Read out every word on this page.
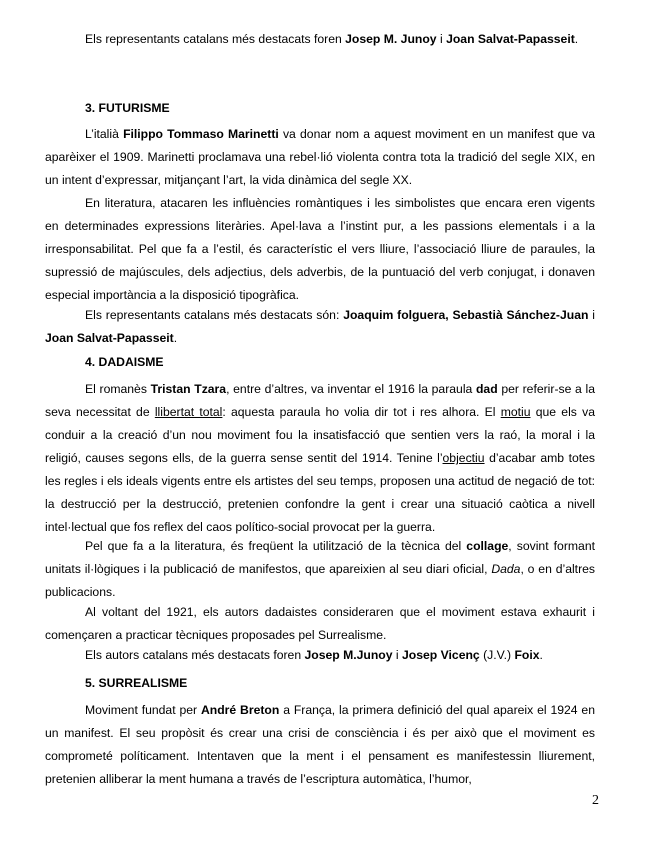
Els representants catalans més destacats foren Josep M. Junoy i Joan Salvat-Papasseit.

3. FUTURISME

L’italià Filippo Tommaso Marinetti va donar nom a aquest moviment en un manifest que va aparèixer el 1909. Marinetti proclamava una rebel·lió violenta contra tota la tradició del segle XIX, en un intent d’expressar, mitjançant l’art, la vida dinàmica del segle XX.

En literatura, atacaren les influències romàntiques i les simbolistes que encara eren vigents en determinades expressions literàries. Apel·lava a l’instint pur, a les passions elementals i a la irresponsabilitat. Pel que fa a l’estil, és característic el vers lliure, l’associació lliure de paraules, la supressió de majúscules, dels adjectius, dels adverbis, de la puntuació del verb conjugat, i donaven especial importància a la disposició tipogràfica.

Els representants catalans més destacats són: Joaquim folguera, Sebastià Sánchez-Juan i Joan Salvat-Papasseit.

4. DADAISME

El romanès Tristan Tzara, entre d’altres, va inventar el 1916 la paraula dad per referir-se a la seva necessitat de llibertat total: aquesta paraula ho volia dir tot i res alhora. El motiu que els va conduir a la creació d’un nou moviment fou la insatisfacció que sentien vers la raó, la moral i la religió, causes segons ells, de la guerra sense sentit del 1914. Tenine l’objectiu d’acabar amb totes les regles i els ideals vigents entre els artistes del seu temps, proposen una actitud de negació de tot: la destrucció per la destrucció, pretenien confondre la gent i crear una situació caòtica a nivell intel·lectual que fos reflex del caos político-social provocat per la guerra.

Pel que fa a la literatura, és freqüent la utilització de la tècnica del collage, sovint formant unitats il·lògiques i la publicació de manifestos, que apareixien al seu diari oficial, Dada, o en d’altres publicacions.

Al voltant del 1921, els autors dadaistes consideraren que el moviment estava exhaurit i començaren a practicar tècniques proposades pel Surrealisme.

Els autors catalans més destacats foren Josep M.Junoy i Josep Vicenç (J.V.) Foix.

5. SURREALISME

Moviment fundat per André Breton a França, la primera definició del qual apareix el 1924 en un manifest. El seu propòsit és crear una crisi de consciència i és per això que el moviment es comprometé políticament. Intentaven que la ment i el pensament es manifestessin lliurement, pretenien alliberar la ment humana a través de l’escriptura automàtica, l’humor,

2
